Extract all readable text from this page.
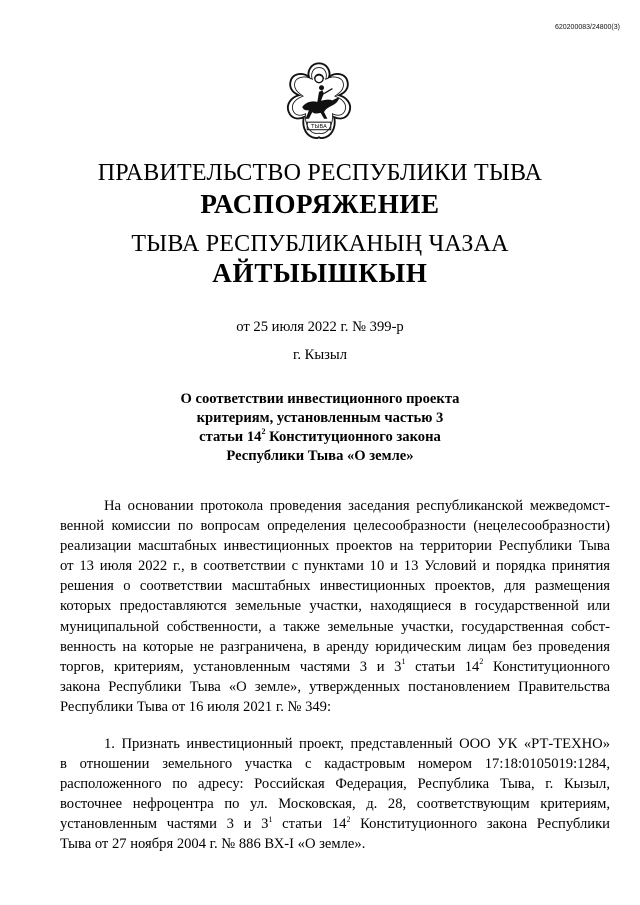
620200083/24800(3)
ТЫВА
ПРАВИТЕЛЬСТВО РЕСПУБЛИКИ ТЫВА
РАСПОРЯЖЕНИЕ
ТЫВА РЕСПУБЛИКАНЫҢ ЧАЗАА
АЙТЫЫШКЫН
от 25 июля 2022 г. № 399-р
г. Кызыл
О соответствии инвестиционного проекта
критериям, установленным частью 3
статьи $14^2$ Конституционного закона
Республики Тыва «О земле»
На основании протокола проведения заседания республиканской межведомст-
венной комиссии по вопросам определения целесообразности (нецелесообразности)
реализации масштабных инвестиционных проектов на территории Республики Тыва
от 13 июля 2022 г., в соответствии с пунктами 10 и 13 Условий и порядка принятия
решения о соответствии масштабных инвестиционных проектов, для размещения
которых предоставляются земельные участки, находящиеся в государственной или
муниципальной собственности, а также земельные участки, государственная собст-
венность на которые не разграничена, в аренду юридическим лицам без проведения
торгов, критериям, установленным частями 3 и $3^1$ статьи $14^2$ Конституционного
закона Республики Тыва «О земле», утвержденных постановлением Правительства
Республики Тыва от 16 июля 2021 г. № 349:
1. Признать инвестиционный проект, представленный ООО УК «РТ-ТЕХНО»
в отношении земельного участка с кадастровым номером 17:18:0105019:1284,
расположенного по адресу: Российская Федерация, Республика Тыва, г. Кызыл,
восточнее нефроцентра по ул. Московская, д. 28, соответствующим критериям,
установленным частями 3 и $3^1$ статьи $14^2$ Конституционного закона Республики
Тыва от 27 ноября 2004 г. № 886 ВХ-I «О земле».
